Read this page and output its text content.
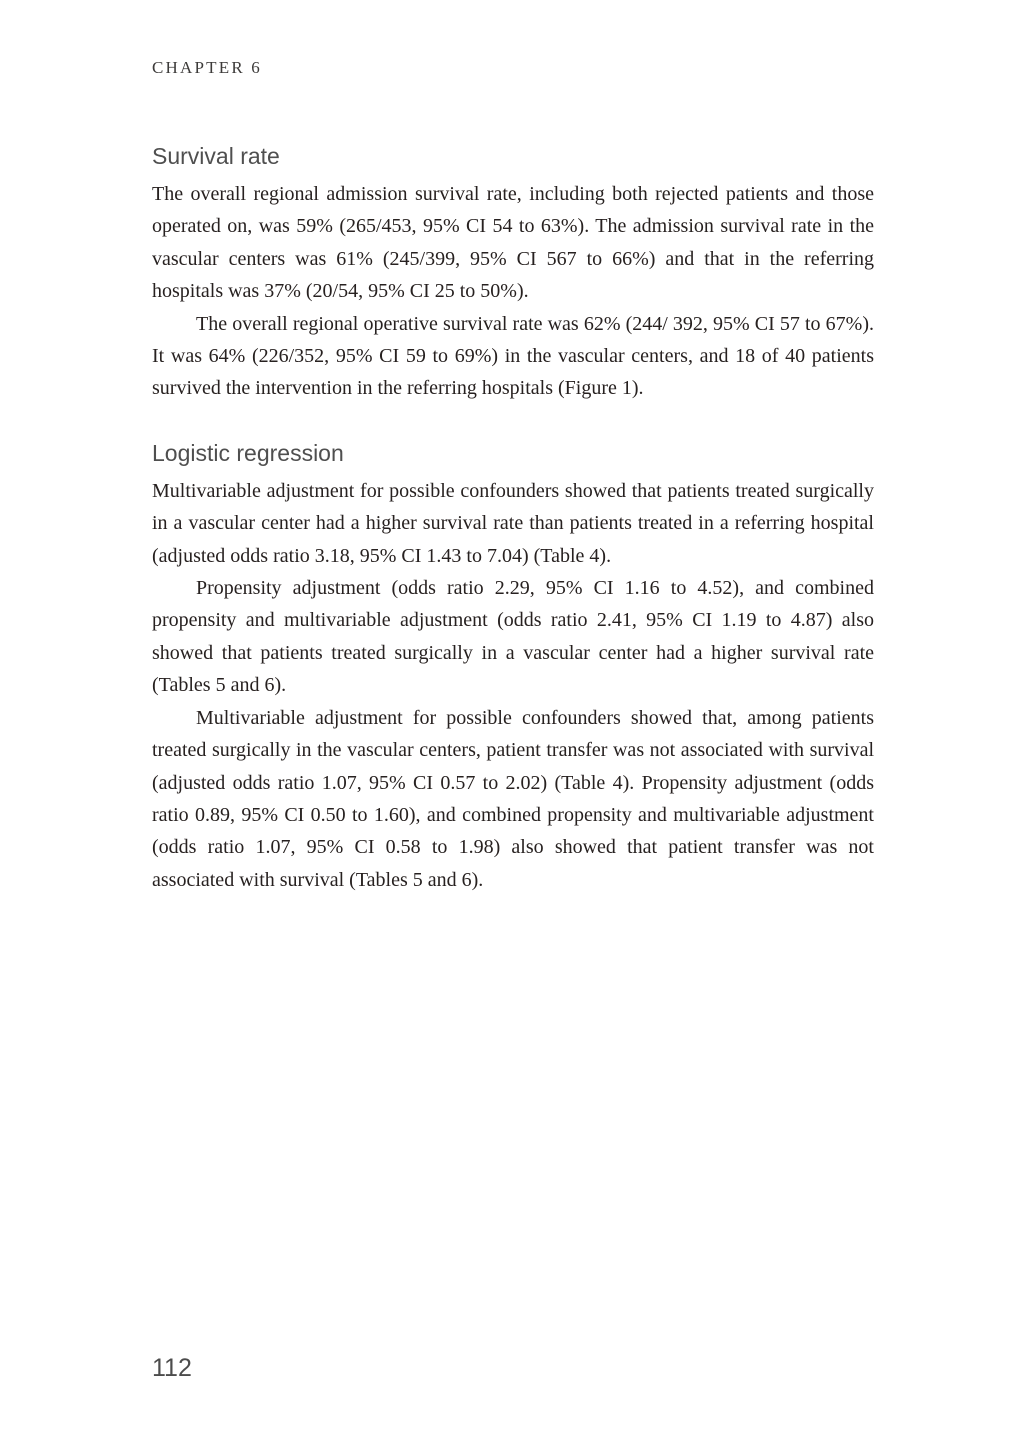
CHAPTER 6
Survival rate

The overall regional admission survival rate, including both rejected patients and those operated on, was 59% (265/453, 95% CI 54 to 63%). The admission survival rate in the vascular centers was 61% (245/399, 95% CI 567 to 66%) and that in the referring hospitals was 37% (20/54, 95% CI 25 to 50%).

The overall regional operative survival rate was 62% (244/ 392, 95% CI 57 to 67%). It was 64% (226/352, 95% CI 59 to 69%) in the vascular centers, and 18 of 40 patients survived the intervention in the referring hospitals (Figure 1).

Logistic regression

Multivariable adjustment for possible confounders showed that patients treated surgically in a vascular center had a higher survival rate than patients treated in a referring hospital (adjusted odds ratio 3.18, 95% CI 1.43 to 7.04) (Table 4).

Propensity adjustment (odds ratio 2.29, 95% CI 1.16 to 4.52), and combined propensity and multivariable adjustment (odds ratio 2.41, 95% CI 1.19 to 4.87) also showed that patients treated surgically in a vascular center had a higher survival rate (Tables 5 and 6).

Multivariable adjustment for possible confounders showed that, among patients treated surgically in the vascular centers, patient transfer was not associated with survival (adjusted odds ratio 1.07, 95% CI 0.57 to 2.02) (Table 4). Propensity adjustment (odds ratio 0.89, 95% CI 0.50 to 1.60), and combined propensity and multivariable adjustment (odds ratio 1.07, 95% CI 0.58 to 1.98) also showed that patient transfer was not associated with survival (Tables 5 and 6).

112
